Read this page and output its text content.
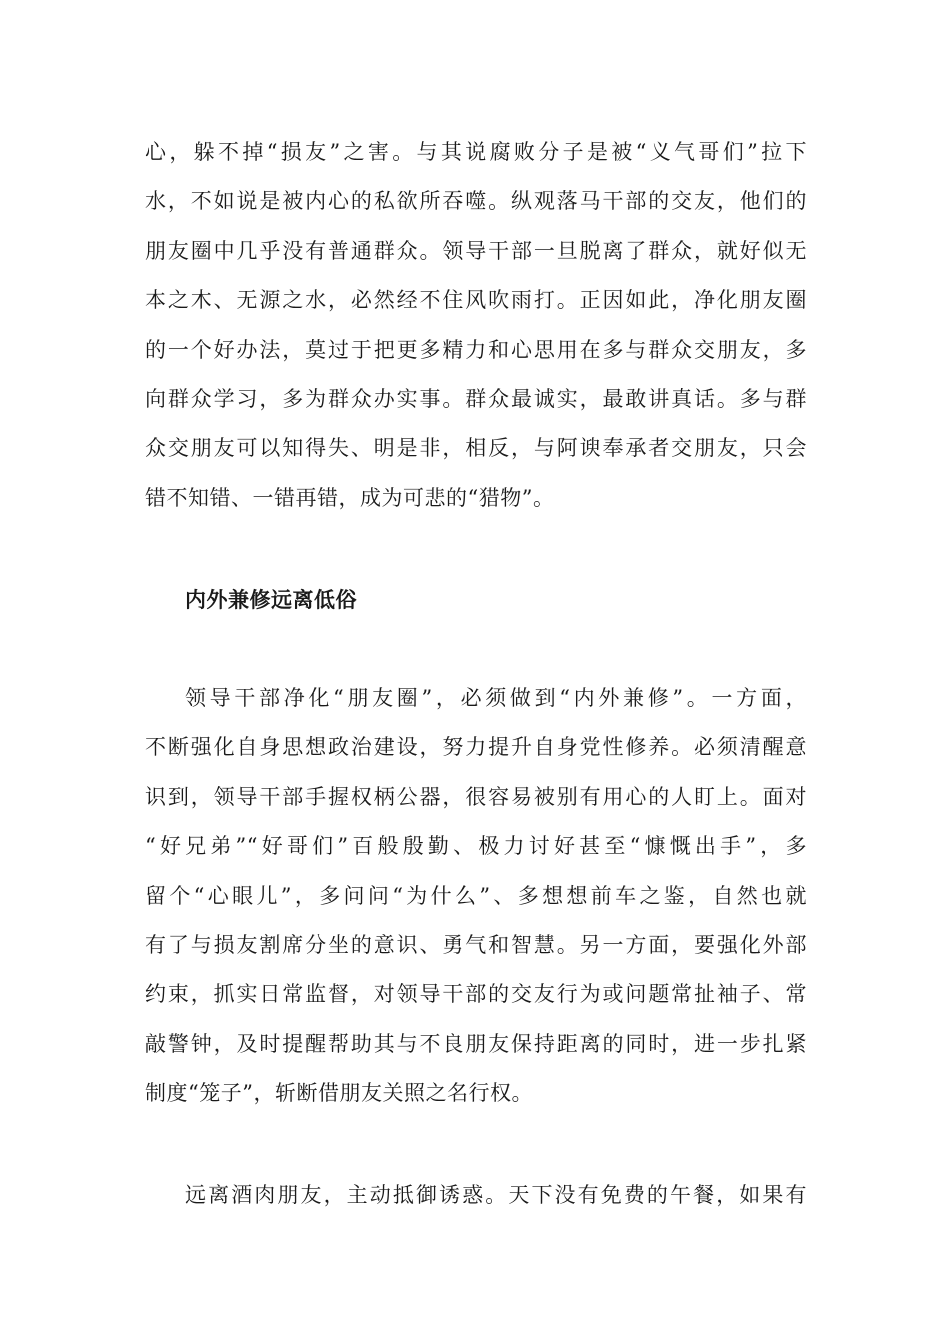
心，躲不掉“损友”之害。与其说腐败分子是被“义气哥们”拉下
水，不如说是被内心的私欲所吞噬。纵观落马干部的交友，他们的
朋友圈中几乎没有普通群众。领导干部一旦脱离了群众，就好似无
本之木、无源之水，必然经不住风吹雨打。正因如此，净化朋友圈
的一个好办法，莫过于把更多精力和心思用在多与群众交朋友，多
向群众学习，多为群众办实事。群众最诚实，最敢讲真话。多与群
众交朋友可以知得失、明是非，相反，与阿谀奉承者交朋友，只会
错不知错、一错再错，成为可悲的“猎物”。
内外兼修远离低俗
领导干部净化“朋友圈”，必须做到“内外兼修”。一方面，
不断强化自身思想政治建设，努力提升自身党性修养。必须清醒意
识到，领导干部手握权柄公器，很容易被别有用心的人盯上。面对
“好兄弟”“好哥们”百般殷勤、极力讨好甚至“慷慨出手”，多
留个“心眼儿”，多问问“为什么”、多想想前车之鉴，自然也就
有了与损友割席分坐的意识、勇气和智慧。另一方面，要强化外部
约束，抓实日常监督，对领导干部的交友行为或问题常扯袖子、常
敲警钟，及时提醒帮助其与不良朋友保持距离的同时，进一步扎紧
制度“笼子”，斩断借朋友关照之名行权。
远离酒肉朋友，主动抵御诱惑。天下没有免费的午餐，如果有
